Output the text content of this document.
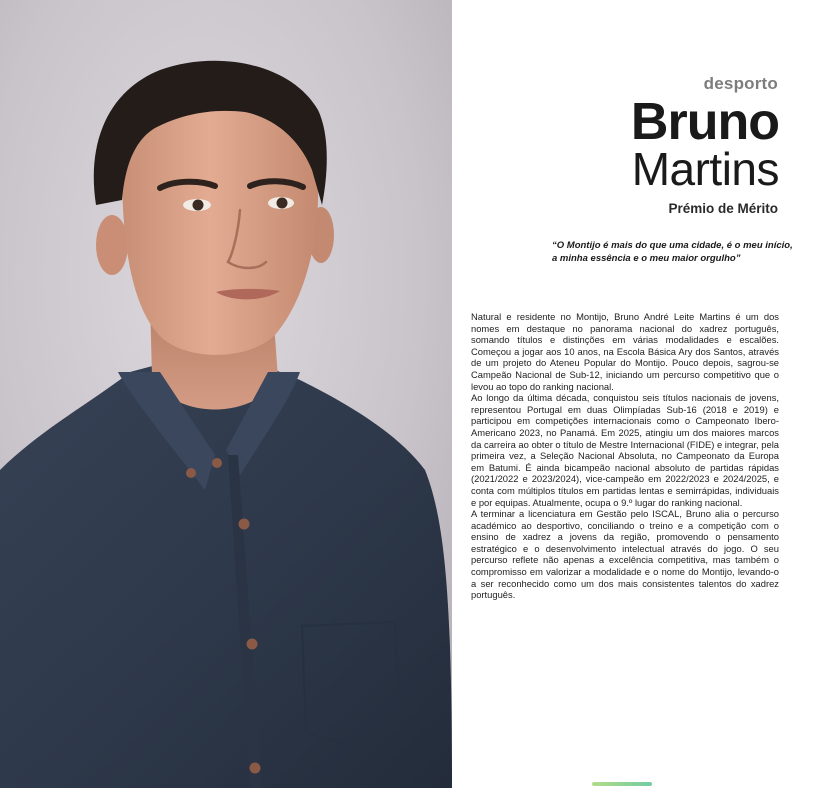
desporto
Bruno
Martins

Prémio de Mérito

“O Montijo é mais do que uma cidade, é o meu início,
a minha essência e o meu maior orgulho”

Natural e residente no Montijo, Bruno André Leite Martins é um dos nomes em destaque no panorama nacional do xadrez português, somando títulos e distinções em várias modalidades e escalões. Começou a jogar aos 10 anos, na Escola Básica Ary dos Santos, através de um projeto do Ateneu Popular do Montijo. Pouco depois, sagrou-se Campeão Nacional de Sub-12, iniciando um percurso competitivo que o levou ao topo do ranking nacional.

Ao longo da última década, conquistou seis títulos nacionais de jovens, representou Portugal em duas Olimpíadas Sub-16 (2018 e 2019) e participou em competições internacionais como o Campeonato Ibero-Americano 2023, no Panamá. Em 2025, atingiu um dos maiores marcos da carreira ao obter o título de Mestre Internacional (FIDE) e integrar, pela primeira vez, a Seleção Nacional Absoluta, no Campeonato da Europa em Batumi. É ainda bicampeão nacional absoluto de partidas rápidas (2021/2022 e 2023/2024), vice-campeão em 2022/2023 e 2024/2025, e conta com múltiplos títulos em partidas lentas e semirrápidas, individuais e por equipas. Atualmente, ocupa o 9.º lugar do ranking nacional.

A terminar a licenciatura em Gestão pelo ISCAL, Bruno alia o percurso académico ao desportivo, conciliando o treino e a competição com o ensino de xadrez a jovens da região, promovendo o pensamento estratégico e o desenvolvimento intelectual através do jogo. O seu percurso reflete não apenas a excelência competitiva, mas também o compromisso em valorizar a modalidade e o nome do Montijo, levando-o a ser reconhecido como um dos mais consistentes talentos do xadrez português.
